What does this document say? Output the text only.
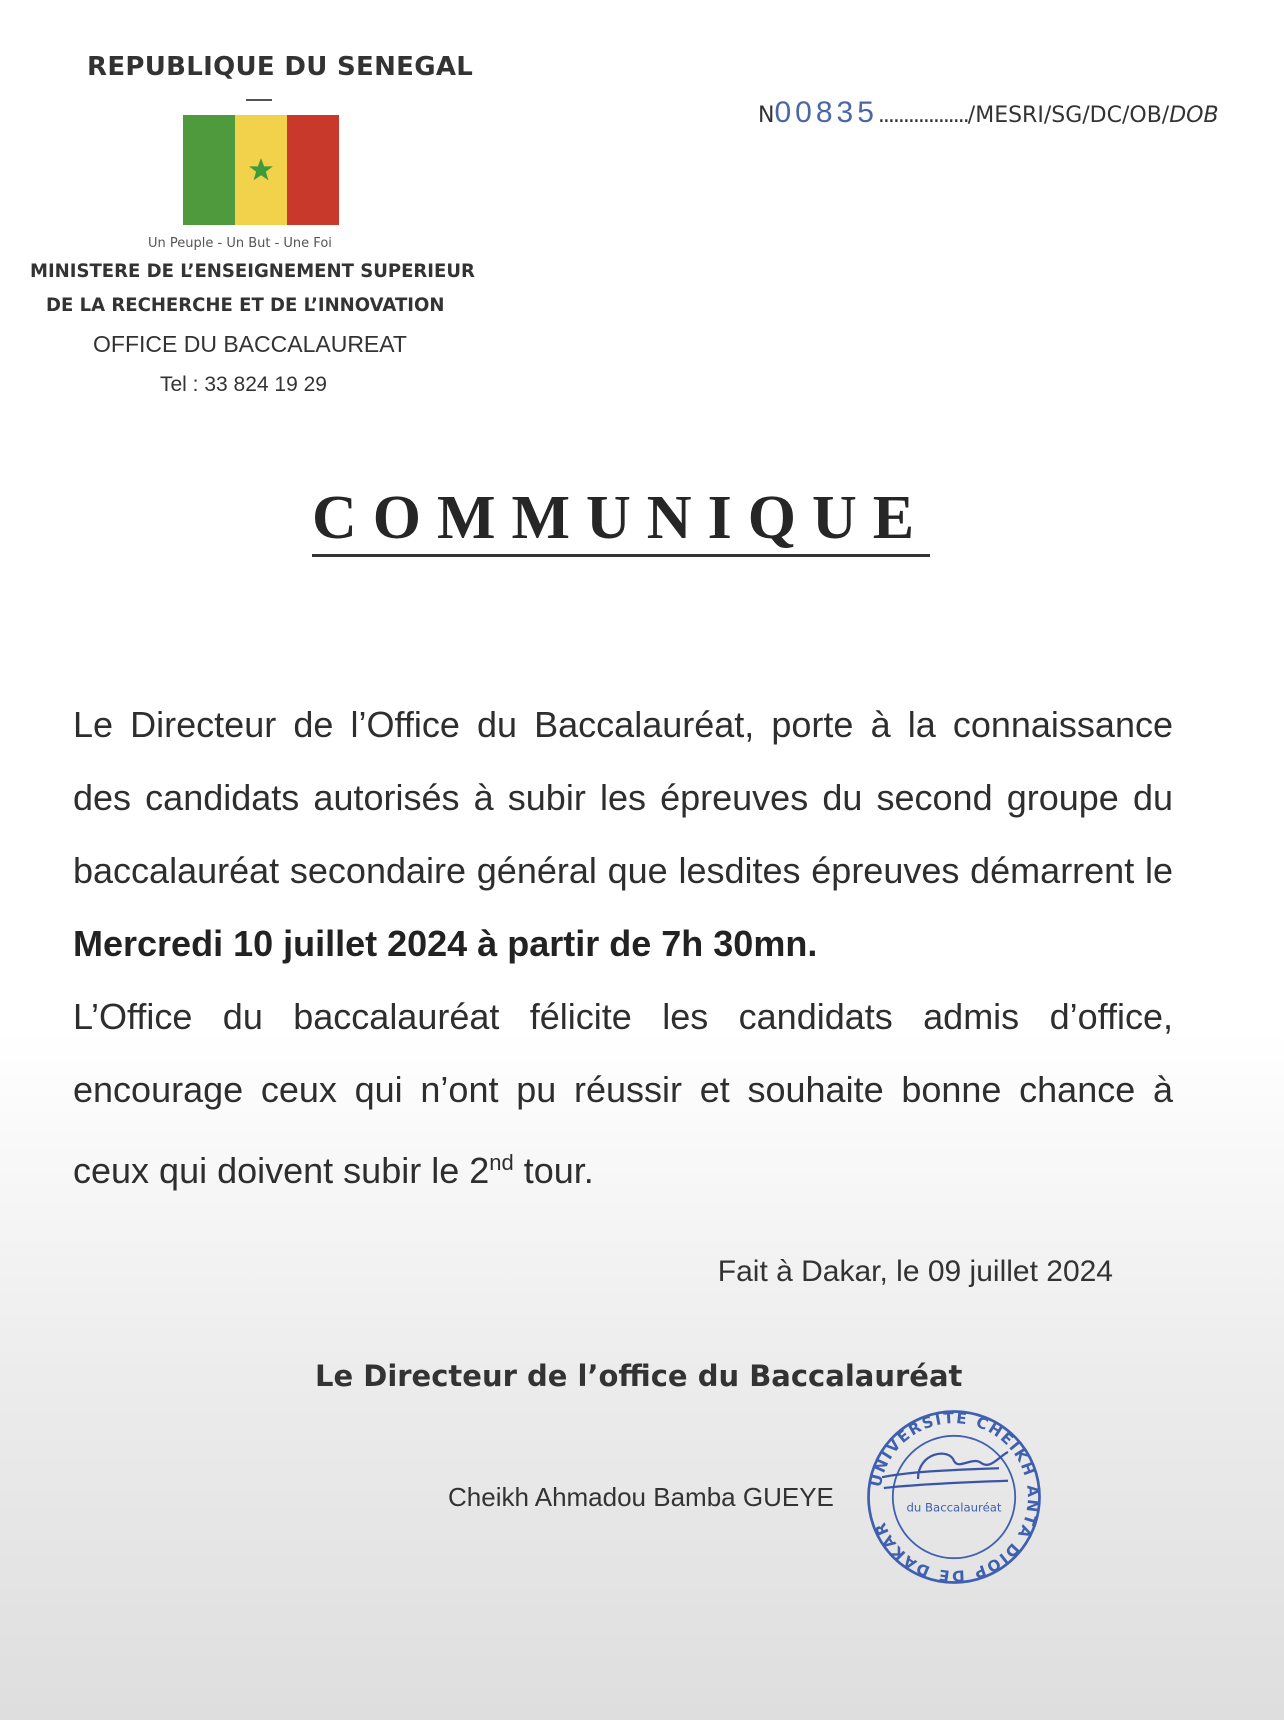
REPUBLIQUE DU SENEGAL
Un Peuple - Un But - Une Foi
MINISTERE DE L’ENSEIGNEMENT SUPERIEUR
DE LA RECHERCHE ET DE L’INNOVATION
OFFICE DU BACCALAUREAT
Tel : 33 824 19 29
N00835................../MESRI/SG/DC/OB/DOB
COMMUNIQUE

Le Directeur de l’Office du Baccalauréat, porte à la connaissance des candidats autorisés à subir les épreuves du second groupe du baccalauréat secondaire général que lesdites épreuves démarrent le Mercredi 10 juillet 2024 à partir de 7h 30mn.

L’Office du baccalauréat félicite les candidats admis d’office, encourage ceux qui n’ont pu réussir et souhaite bonne chance à ceux qui doivent subir le 2nd tour.

Fait à Dakar, le 09 juillet 2024
Le Directeur de l’office du Baccalauréat
Cheikh Ahmadou Bamba GUEYE
UNIVERSITE CHEIKH ANTA DIOP DE DAKAR
du Baccalauréat
